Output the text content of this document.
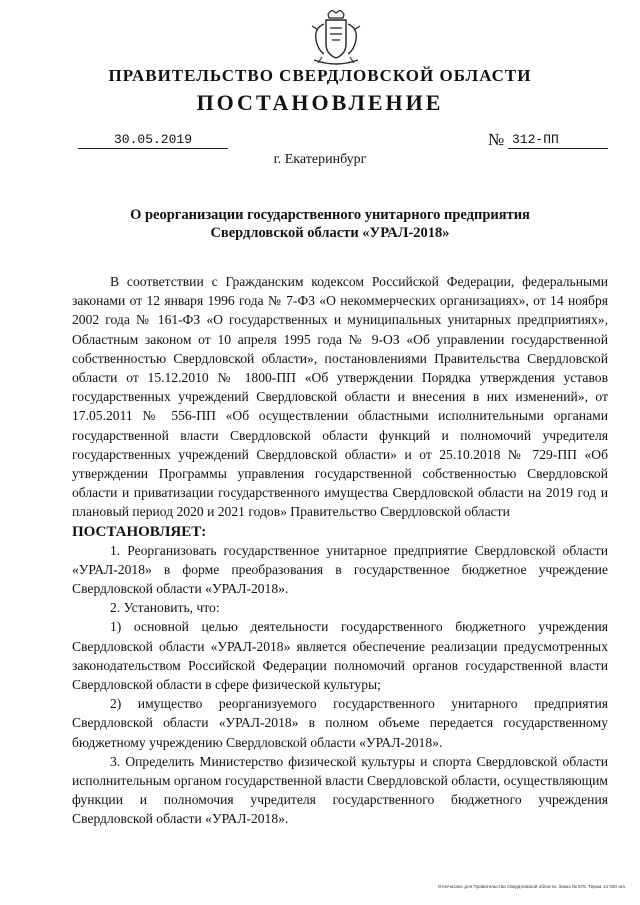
ПРАВИТЕЛЬСТВО СВЕРДЛОВСКОЙ ОБЛАСТИ
ПОСТАНОВЛЕНИЕ
30.05.2019	№ 312-ПП
г. Екатеринбург
О реорганизации государственного унитарного предприятия
Свердловской области «УРАЛ-2018»

В соответствии с Гражданским кодексом Российской Федерации, федеральными законами от 12 января 1996 года № 7-ФЗ «О некоммерческих организациях», от 14 ноября 2002 года № 161-ФЗ «О государственных и муниципальных унитарных предприятиях», Областным законом от 10 апреля 1995 года № 9-ОЗ «Об управлении государственной собственностью Свердловской области», постановлениями Правительства Свердловской области от 15.12.2010 № 1800-ПП «Об утверждении Порядка утверждения уставов государственных учреждений Свердловской области и внесения в них изменений», от 17.05.2011 № 556-ПП «Об осуществлении областными исполнительными органами государственной власти Свердловской области функций и полномочий учредителя государственных учреждений Свердловской области» и от 25.10.2018 № 729-ПП «Об утверждении Программы управления государственной собственностью Свердловской области и приватизации государственного имущества Свердловской области на 2019 год и плановый период 2020 и 2021 годов» Правительство Свердловской области

ПОСТАНОВЛЯЕТ:

1. Реорганизовать государственное унитарное предприятие Свердловской области «УРАЛ-2018» в форме преобразования в государственное бюджетное учреждение Свердловской области «УРАЛ-2018».

2. Установить, что:

1) основной целью деятельности государственного бюджетного учреждения Свердловской области «УРАЛ-2018» является обеспечение реализации предусмотренных законодательством Российской Федерации полномочий органов государственной власти Свердловской области в сфере физической культуры;

2) имущество реорганизуемого государственного унитарного предприятия Свердловской области «УРАЛ-2018» в полном объеме передается государственному бюджетному учреждению Свердловской области «УРАЛ-2018».

3. Определить Министерство физической культуры и спорта Свердловской области исполнительным органом государственной власти Свердловской области, осуществляющим функции и полномочия учредителя государственного бюджетного учреждения Свердловской области «УРАЛ-2018».

Отпечатано для Правительства Свердловской области. Заказ № 575. Тираж 14 000 экз.
